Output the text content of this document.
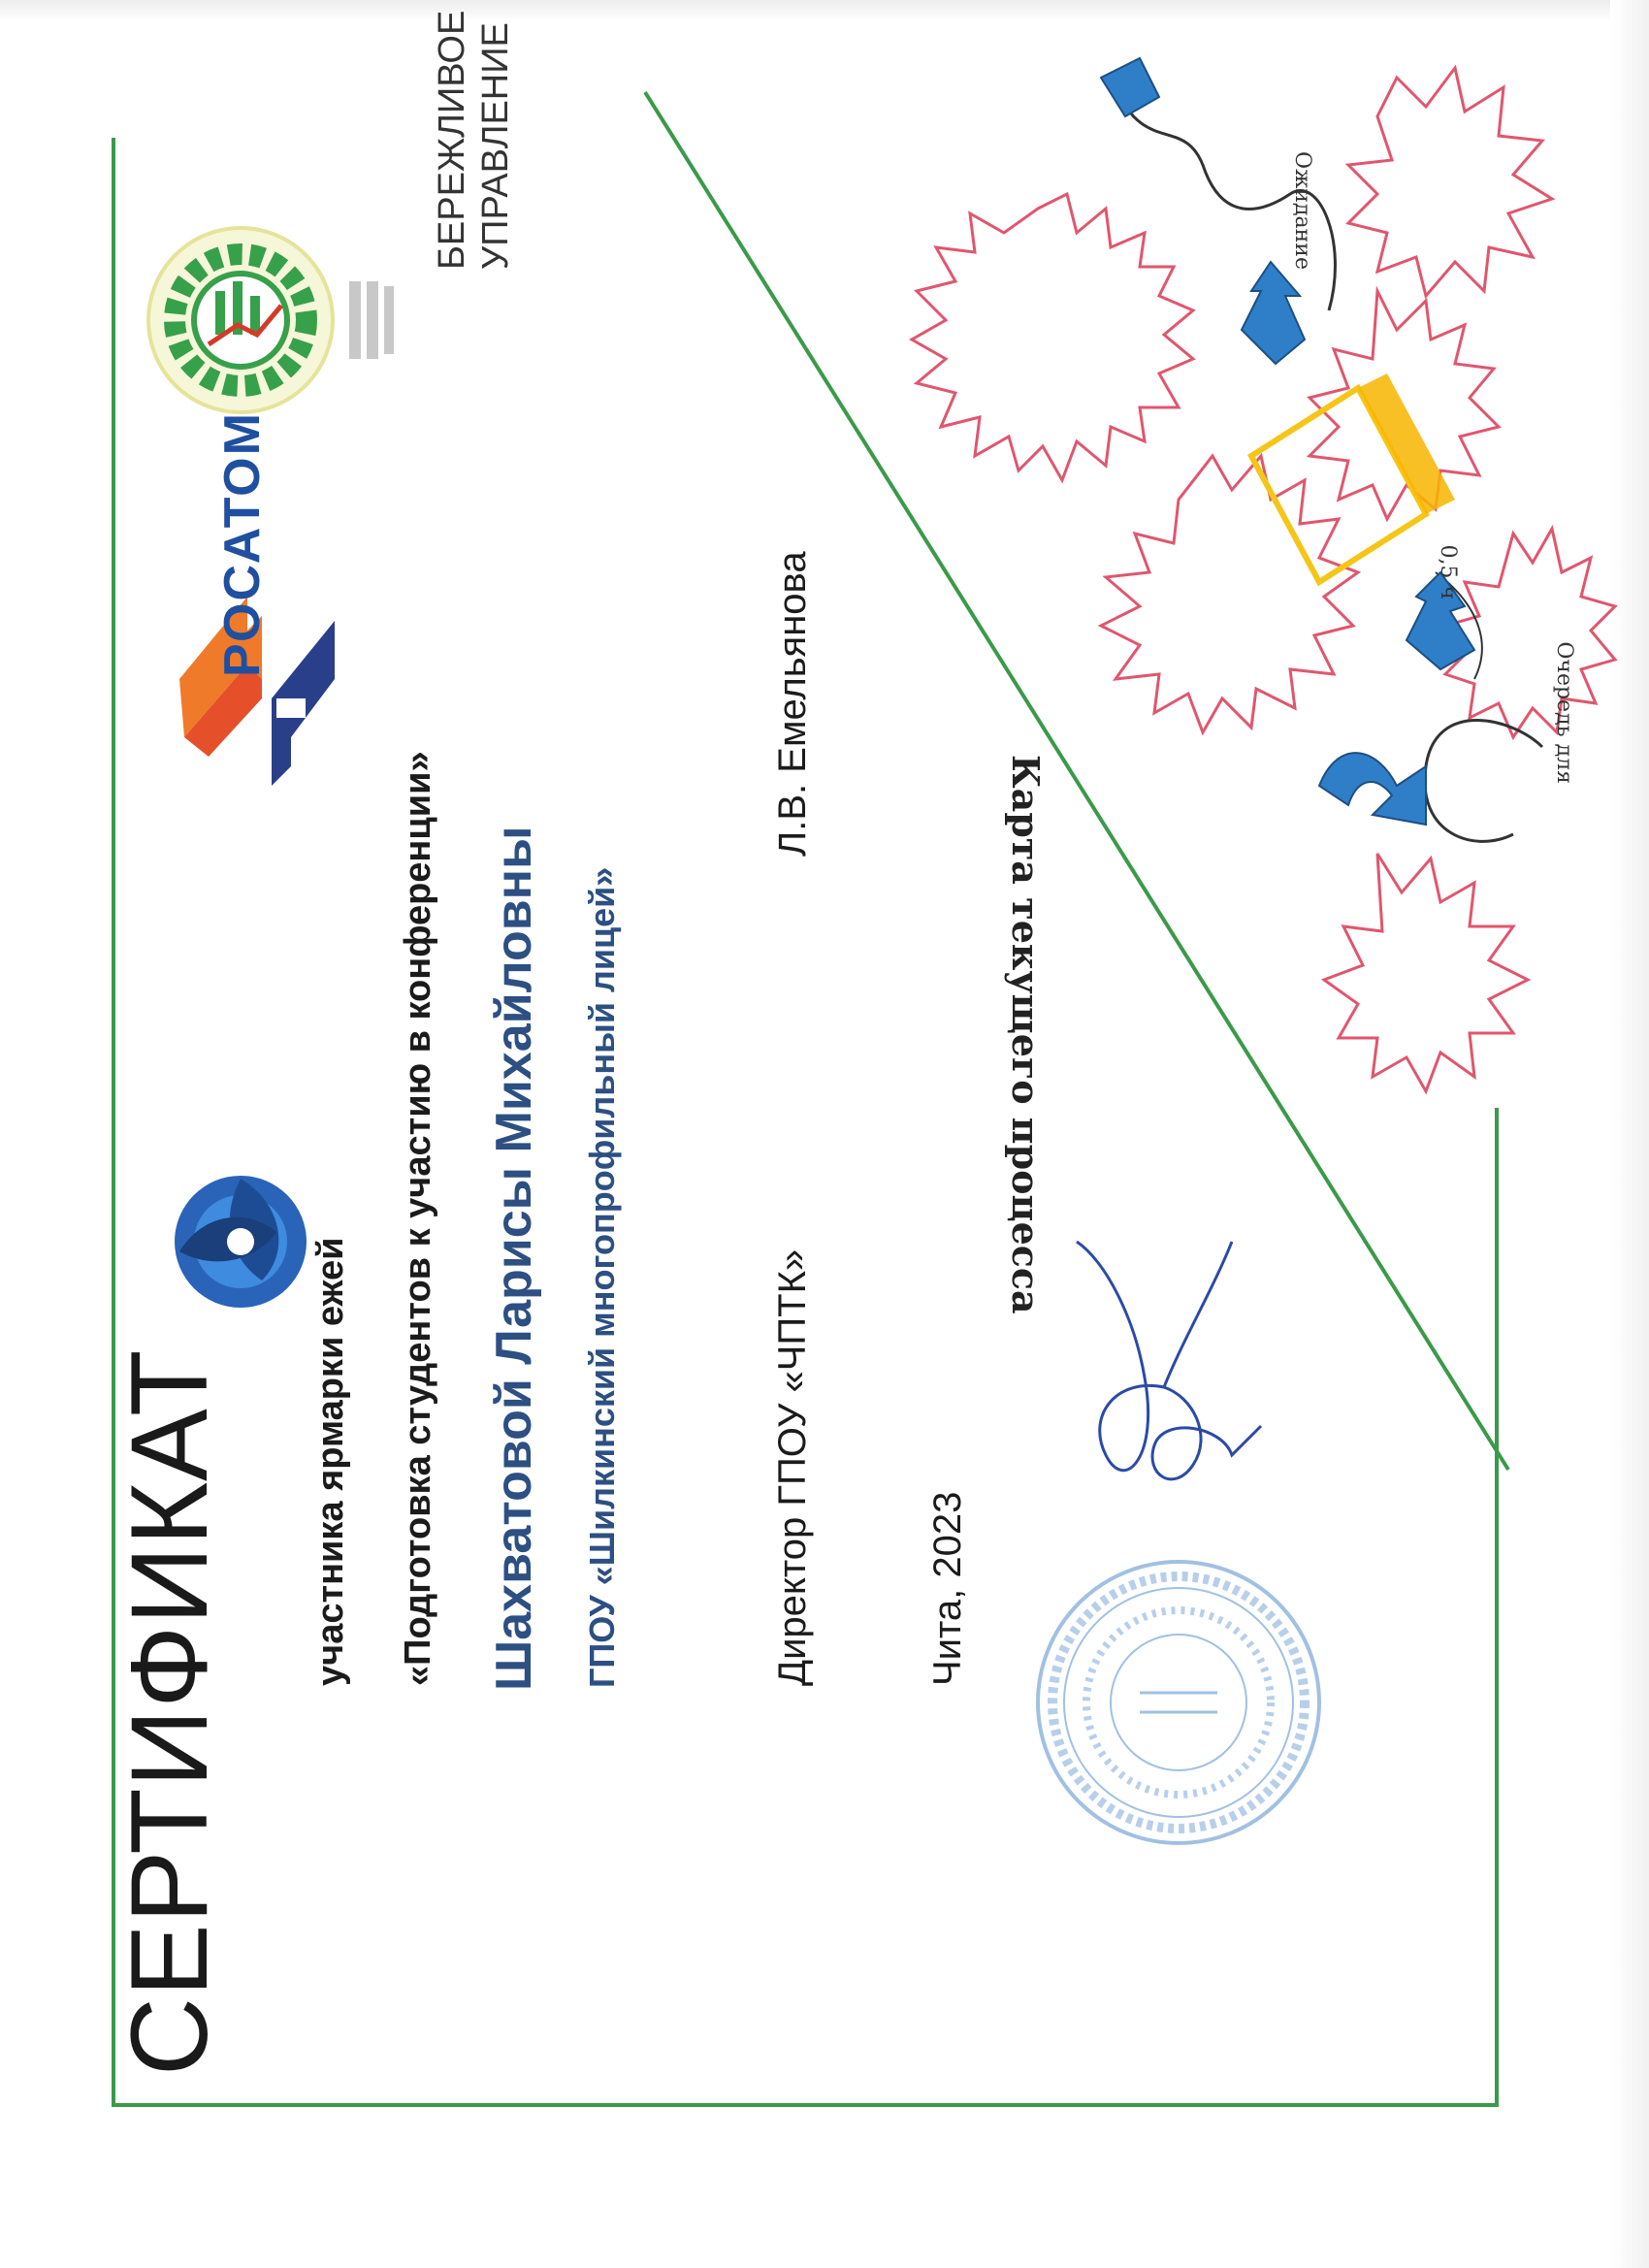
СЕРТИФИКАТ участника ярмарки ежей «Подготовка студентов к участию в конференции» Шахватовой Ларисы Михайловны ГПОУ «Шилкинский многопрофильный лицей»	Директор ГПОУ «ЧПТК»
Л.В. Емельянова
Чита, 2023
РОСАТОМ
БЕРЕЖЛИВОЕ УПРАВЛЕНИЕ
Карта текущего процесса
Ожидание
Очередь для
0,5 ч
